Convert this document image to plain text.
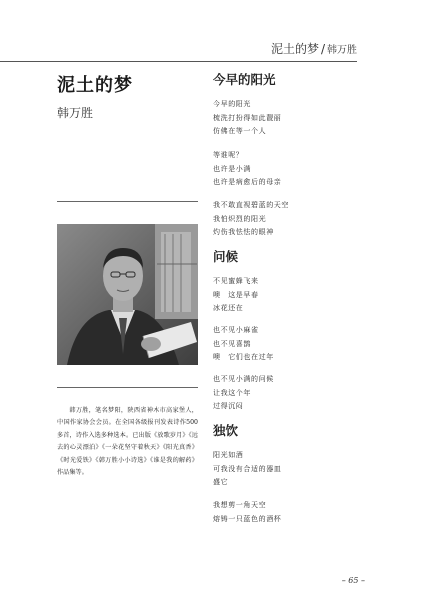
泥土的梦 / 韩万胜
泥土的梦
韩万胜

韩万胜，笔名梦阳，陕西省神木市高家堡人，中国作家协会会员。在全国各级报刊发表诗作500多首，诗作入选多种选本。已出版《放歌岁月》《远去的心灵漂泊》《一朵花坚守着秋天》《阳光真香》《时光爱铁》《韩万胜小小诗选》《谁是我的解药》作品集等。

今早的阳光
今早的阳光
梳洗打扮得如此靓丽
仿佛在等一个人
等谁呢？
也许是小满
也许是病愈后的母亲
我不敢直视碧蓝的天空
我怕炽烈的阳光
灼伤我怯怯的眼神
问候
不见蜜蜂飞来
噢　这是早春
冰花还在
也不见小麻雀
也不见喜鹊
噢　它们也在过年
也不见小满的问候
让我这个年
过得沉闷
独饮
阳光如酒
可我没有合适的器皿
盛它
我想剪一角天空
熔铸一只蓝色的酒杯
– 65 –
